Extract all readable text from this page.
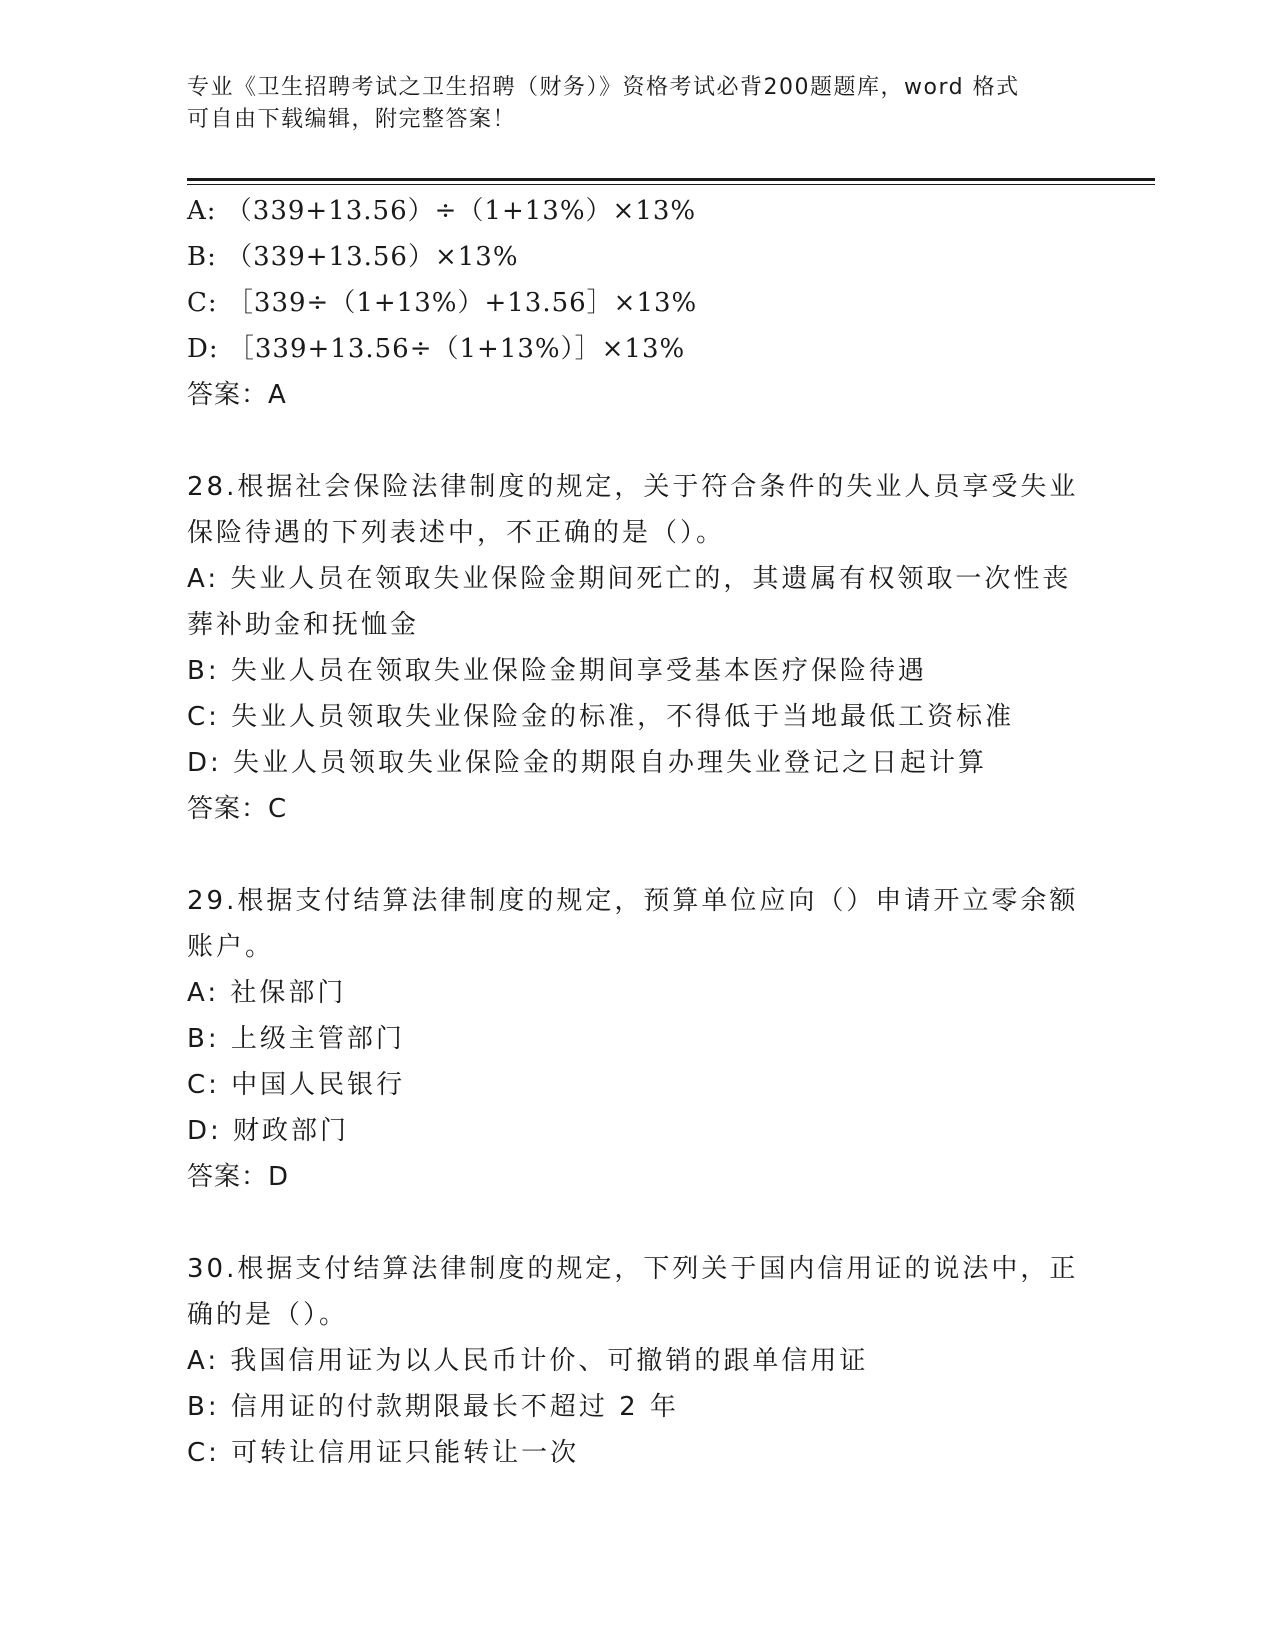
专业《卫生招聘考试之卫生招聘（财务）》资格考试必背200题题库，word 格式
可自由下载编辑，附完整答案！
A: （339+13.56）÷（1+13%）×13%
B: （339+13.56）×13%
C: ［339÷（1+13%）+13.56］×13%
D: ［339+13.56÷（1+13%）］×13%
答案：A
28.根据社会保险法律制度的规定，关于符合条件的失业人员享受失业
保险待遇的下列表述中，不正确的是（）。
A: 失业人员在领取失业保险金期间死亡的，其遗属有权领取一次性丧
葬补助金和抚恤金
B: 失业人员在领取失业保险金期间享受基本医疗保险待遇
C: 失业人员领取失业保险金的标准，不得低于当地最低工资标准
D: 失业人员领取失业保险金的期限自办理失业登记之日起计算
答案：C
29.根据支付结算法律制度的规定，预算单位应向（）申请开立零余额
账户。
A: 社保部门
B: 上级主管部门
C: 中国人民银行
D: 财政部门
答案：D
30.根据支付结算法律制度的规定，下列关于国内信用证的说法中，正
确的是（）。
A: 我国信用证为以人民币计价、可撤销的跟单信用证
B: 信用证的付款期限最长不超过 2 年
C: 可转让信用证只能转让一次
